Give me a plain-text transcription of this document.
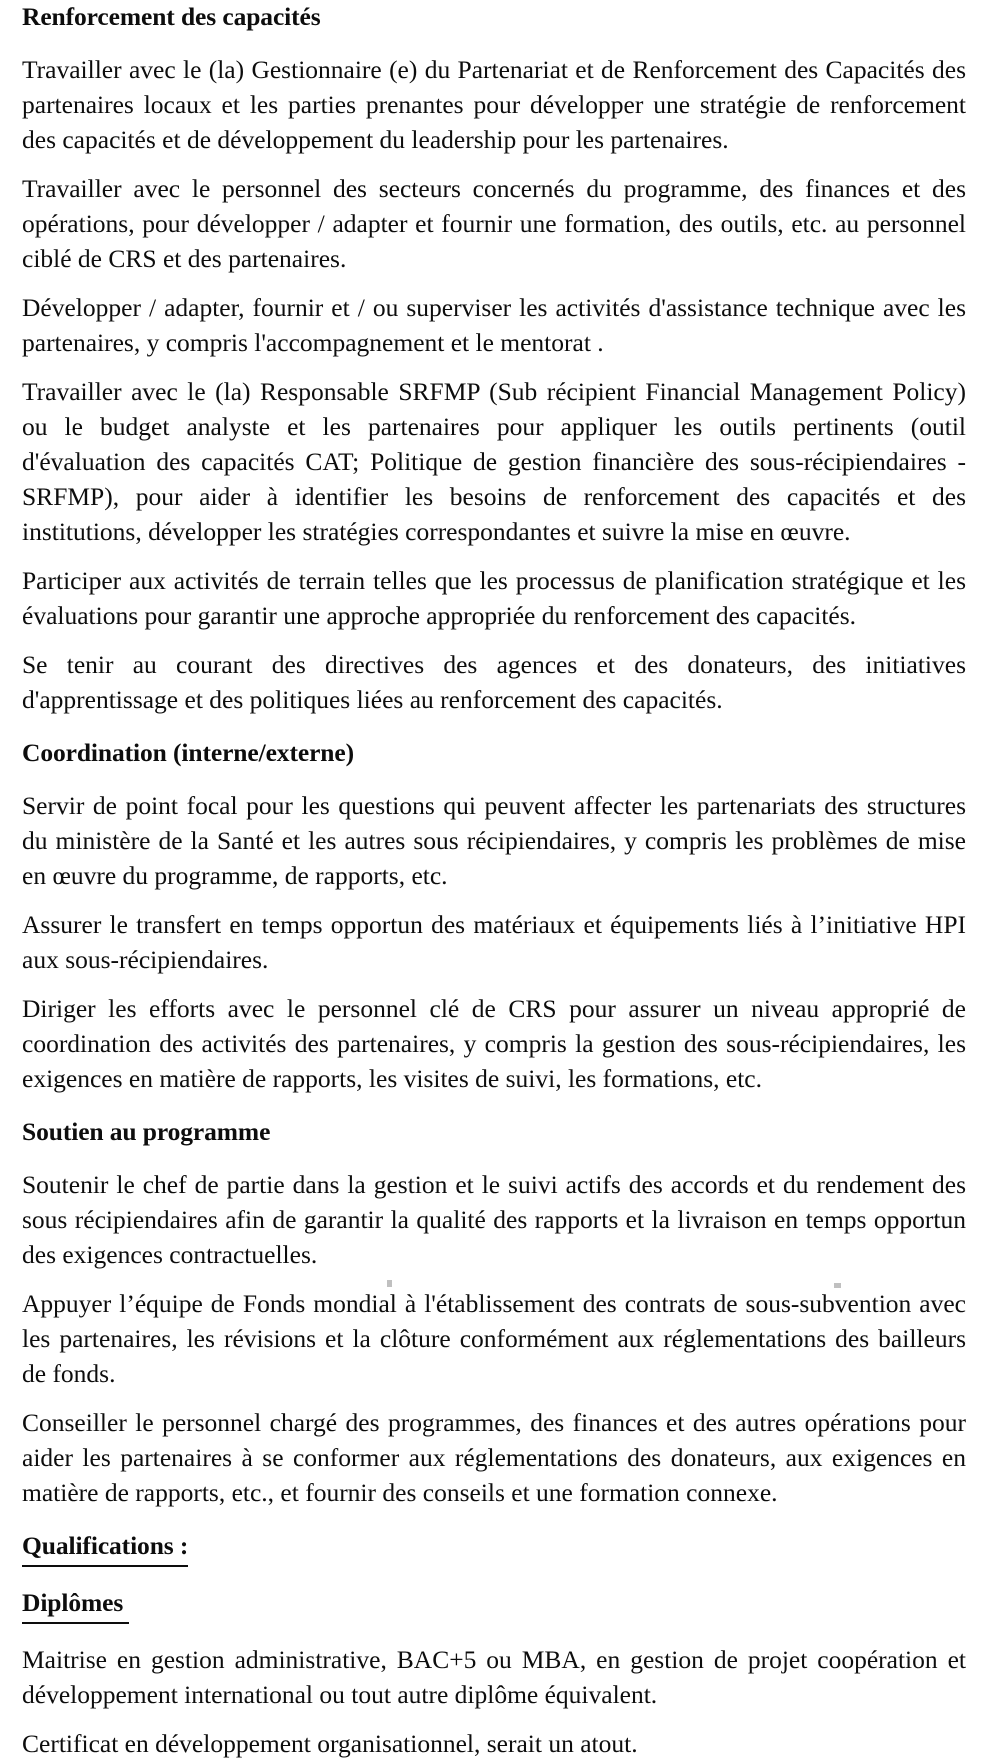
Renforcement des capacités

Travailler avec le (la) Gestionnaire (e) du Partenariat et de Renforcement des Capacités des partenaires locaux et les parties prenantes pour développer une stratégie de renforcement des capacités et de développement du leadership pour les partenaires.

Travailler avec le personnel des secteurs concernés du programme, des finances et des opérations, pour développer / adapter et fournir une formation, des outils, etc. au personnel ciblé de CRS et des partenaires.

Développer / adapter, fournir et / ou superviser les activités d'assistance technique avec les partenaires, y compris l'accompagnement et le mentorat .

Travailler avec le (la) Responsable SRFMP (Sub récipient Financial Management Policy) ou le budget analyste et les partenaires pour appliquer les outils pertinents (outil d'évaluation des capacités CAT; Politique de gestion financière des sous-récipiendaires - SRFMP), pour aider à identifier les besoins de renforcement des capacités et des institutions, développer les stratégies correspondantes et suivre la mise en œuvre.

Participer aux activités de terrain telles que les processus de planification stratégique et les évaluations pour garantir une approche appropriée du renforcement des capacités.

Se tenir au courant des directives des agences et des donateurs, des initiatives d'apprentissage et des politiques liées au renforcement des capacités.

Coordination (interne/externe)

Servir de point focal pour les questions qui peuvent affecter les partenariats des structures du ministère de la Santé et les autres sous récipiendaires, y compris les problèmes de mise en œuvre du programme, de rapports, etc.

Assurer le transfert en temps opportun des matériaux et équipements liés à l’initiative HPI aux sous-récipiendaires.

Diriger les efforts avec le personnel clé de CRS pour assurer un niveau approprié de coordination des activités des partenaires, y compris la gestion des sous-récipiendaires, les exigences en matière de rapports, les visites de suivi, les formations, etc.

Soutien au programme

Soutenir le chef de partie dans la gestion et le suivi actifs des accords et du rendement des sous récipiendaires afin de garantir la qualité des rapports et la livraison en temps opportun des exigences contractuelles.

Appuyer l’équipe de Fonds mondial à l'établissement des contrats de sous-subvention avec les partenaires, les révisions et la clôture conformément aux réglementations des bailleurs de fonds.

Conseiller le personnel chargé des programmes, des finances et des autres opérations pour aider les partenaires à se conformer aux réglementations des donateurs, aux exigences en matière de rapports, etc., et fournir des conseils et une formation connexe.

Qualifications :
Diplômes

Maitrise en gestion administrative, BAC+5 ou MBA, en gestion de projet coopération et développement international ou tout autre diplôme équivalent.

Certificat en développement organisationnel, serait un atout.
